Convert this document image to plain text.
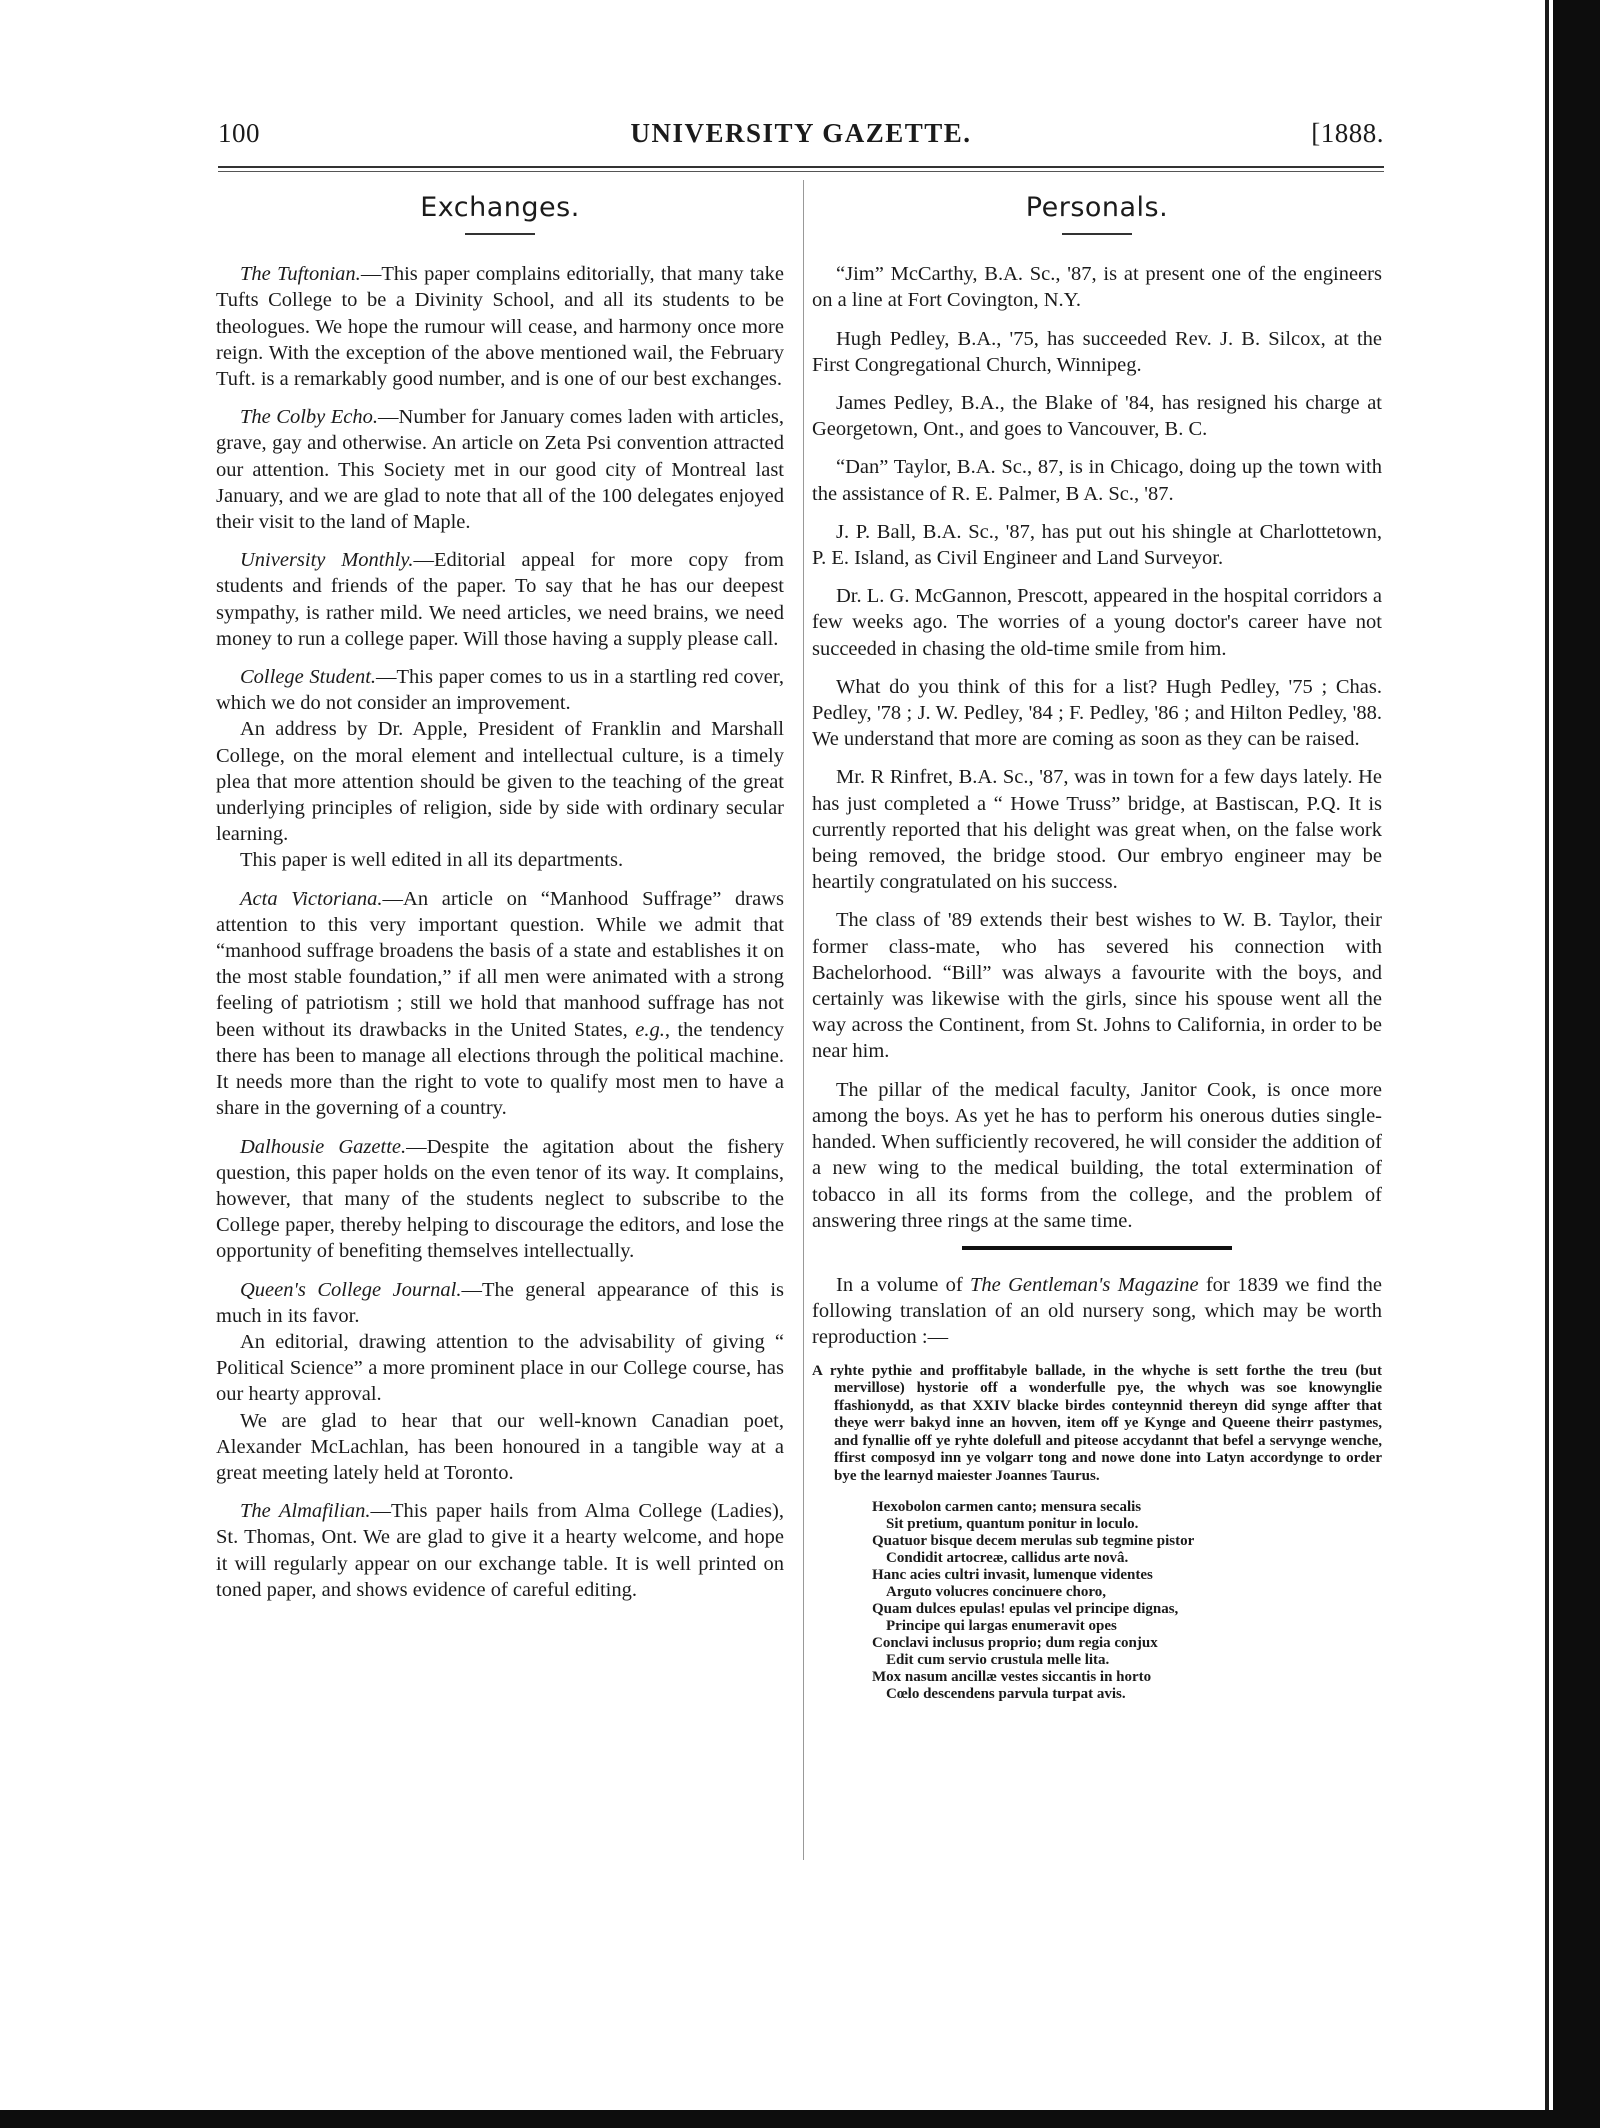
100	UNIVERSITY GAZETTE.	[1888.
Exchanges.

The Tuftonian.—This paper complains editorially, that many take Tufts College to be a Divinity School, and all its students to be theologues. We hope the rumour will cease, and harmony once more reign. With the exception of the above mentioned wail, the February Tuft. is a remarkably good number, and is one of our best exchanges.

The Colby Echo.—Number for January comes laden with articles, grave, gay and otherwise. An article on Zeta Psi convention attracted our attention. This Society met in our good city of Montreal last January, and we are glad to note that all of the 100 delegates enjoyed their visit to the land of Maple.

University Monthly.—Editorial appeal for more copy from students and friends of the paper. To say that he has our deepest sympathy, is rather mild. We need articles, we need brains, we need money to run a college paper. Will those having a supply please call.

College Student.—This paper comes to us in a startling red cover, which we do not consider an improvement.

An address by Dr. Apple, President of Franklin and Marshall College, on the moral element and intellectual culture, is a timely plea that more attention should be given to the teaching of the great underlying principles of religion, side by side with ordinary secular learning.

This paper is well edited in all its departments.

Acta Victoriana.—An article on “Manhood Suffrage” draws attention to this very important question. While we admit that “manhood suffrage broadens the basis of a state and establishes it on the most stable foundation,” if all men were animated with a strong feeling of patriotism ; still we hold that manhood suffrage has not been without its drawbacks in the United States, e.g., the tendency there has been to manage all elections through the political machine. It needs more than the right to vote to qualify most men to have a share in the governing of a country.

Dalhousie Gazette.—Despite the agitation about the fishery question, this paper holds on the even tenor of its way. It complains, however, that many of the students neglect to subscribe to the College paper, thereby helping to discourage the editors, and lose the opportunity of benefiting themselves intellectually.

Queen's College Journal.—The general appearance of this is much in its favor.

An editorial, drawing attention to the advisability of giving “ Political Science” a more prominent place in our College course, has our hearty approval.

We are glad to hear that our well-known Canadian poet, Alexander McLachlan, has been honoured in a tangible way at a great meeting lately held at Toronto.

The Almafilian.—This paper hails from Alma College (Ladies), St. Thomas, Ont. We are glad to give it a hearty welcome, and hope it will regularly appear on our exchange table. It is well printed on toned paper, and shows evidence of careful editing.

Personals.

“Jim” McCarthy, B.A. Sc., '87, is at present one of the engineers on a line at Fort Covington, N.Y.

Hugh Pedley, B.A., '75, has succeeded Rev. J. B. Silcox, at the First Congregational Church, Winnipeg.

James Pedley, B.A., the Blake of '84, has resigned his charge at Georgetown, Ont., and goes to Vancouver, B. C.

“Dan” Taylor, B.A. Sc., 87, is in Chicago, doing up the town with the assistance of R. E. Palmer, B A. Sc., '87.

J. P. Ball, B.A. Sc., '87, has put out his shingle at Charlottetown, P. E. Island, as Civil Engineer and Land Surveyor.

Dr. L. G. McGannon, Prescott, appeared in the hospital corridors a few weeks ago. The worries of a young doctor's career have not succeeded in chasing the old-time smile from him.

What do you think of this for a list? Hugh Pedley, '75 ; Chas. Pedley, '78 ; J. W. Pedley, '84 ; F. Pedley, '86 ; and Hilton Pedley, '88. We understand that more are coming as soon as they can be raised.

Mr. R Rinfret, B.A. Sc., '87, was in town for a few days lately. He has just completed a “ Howe Truss” bridge, at Bastiscan, P.Q. It is currently reported that his delight was great when, on the false work being removed, the bridge stood. Our embryo engineer may be heartily congratulated on his success.

The class of '89 extends their best wishes to W. B. Taylor, their former class-mate, who has severed his connection with Bachelorhood. “Bill” was always a favourite with the boys, and certainly was likewise with the girls, since his spouse went all the way across the Continent, from St. Johns to California, in order to be near him.

The pillar of the medical faculty, Janitor Cook, is once more among the boys. As yet he has to perform his onerous duties single-handed. When sufficiently recovered, he will consider the addition of a new wing to the medical building, the total extermination of tobacco in all its forms from the college, and the problem of answering three rings at the same time.

In a volume of The Gentleman's Magazine for 1839 we find the following translation of an old nursery song, which may be worth reproduction :—

A ryhte pythie and proffitabyle ballade, in the whyche is sett forthe the treu (but mervillose) hystorie off a wonderfulle pye, the whych was soe knowynglie ffashionydd, as that XXIV blacke birdes conteynnid thereyn did synge affter that theye werr bakyd inne an hovven, item off ye Kynge and Queene theirr pastymes, and fynallie off ye ryhte dolefull and piteose accydannt that befel a servynge wenche, ffirst composyd inn ye volgarr tong and nowe done into Latyn accordynge to order bye the learnyd maiester Joannes Taurus.
Hexobolon carmen canto; mensura secalis
Sit pretium, quantum ponitur in loculo.
Quatuor bisque decem merulas sub tegmine pistor
Condidit artocreæ, callidus arte novâ.
Hanc acies cultri invasit, lumenque videntes
Arguto volucres concinuere choro,
Quam dulces epulas! epulas vel principe dignas,
Principe qui largas enumeravit opes
Conclavi inclusus proprio; dum regia conjux
Edit cum servio crustula melle lita.
Mox nasum ancillæ vestes siccantis in horto
Cœlo descendens parvula turpat avis.
